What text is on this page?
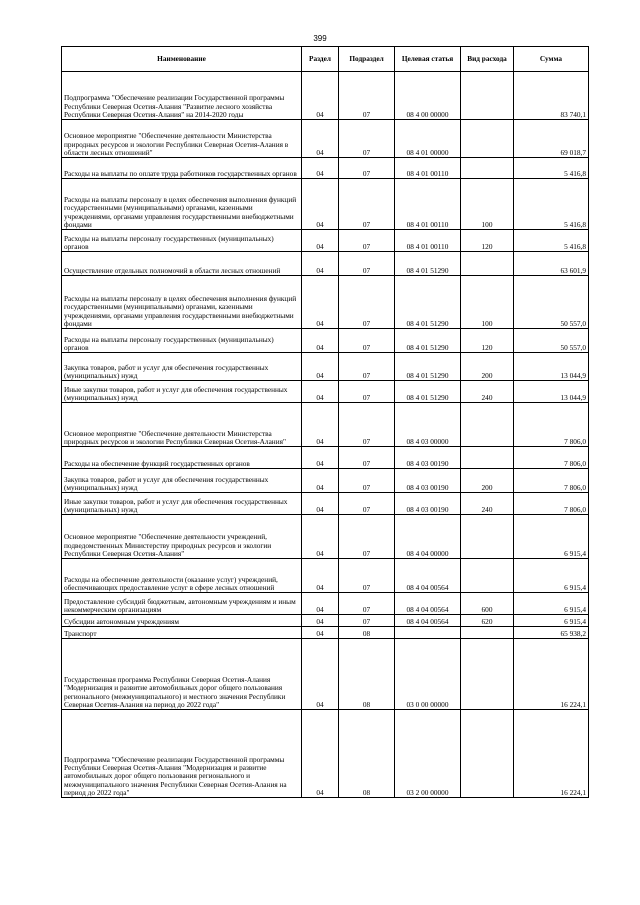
399
Наименование	Раздел	Подраздел	Целевая статья	Вид расхода	Сумма
Подпрограмма "Обеспечение реализации Государственной программы Республики Северная Осетия-Алания "Развитие лесного хозяйства Республики Северная Осетия-Алания" на 2014-2020 годы	04	07	08 4 00 00000		83 740,1
Основное мероприятие "Обеспечение деятельности Министерства природных ресурсов и экологии Республики Северная Осетия-Алания в области лесных отношений"	04	07	08 4 01 00000		69 018,7
Расходы на выплаты по оплате труда работников государственных органов	04	07	08 4 01 00110		5 416,8
Расходы на выплаты персоналу в целях обеспечения выполнения функций государственными (муниципальными) органами, казенными учреждениями, органами управления государственными внебюджетными фондами	04	07	08 4 01 00110	100	5 416,8
Расходы на выплаты персоналу государственных (муниципальных) органов	04	07	08 4 01 00110	120	5 416,8
Осуществление отдельных полномочий в области лесных отношений	04	07	08 4 01 51290		63 601,9
Расходы на выплаты персоналу в целях обеспечения выполнения функций государственными (муниципальными) органами, казенными учреждениями, органами управления государственными внебюджетными фондами	04	07	08 4 01 51290	100	50 557,0
Расходы на выплаты персоналу государственных (муниципальных) органов	04	07	08 4 01 51290	120	50 557,0
Закупка товаров, работ и услуг для обеспечения государственных (муниципальных) нужд	04	07	08 4 01 51290	200	13 044,9
Иные закупки товаров, работ и услуг для обеспечения государственных (муниципальных) нужд	04	07	08 4 01 51290	240	13 044,9
Основное мероприятие "Обеспечение деятельности Министерства природных ресурсов и экологии Республики Северная Осетия-Алания"	04	07	08 4 03 00000		7 806,0
Расходы на обеспечение функций государственных органов	04	07	08 4 03 00190		7 806,0
Закупка товаров, работ и услуг для обеспечения государственных (муниципальных) нужд	04	07	08 4 03 00190	200	7 806,0
Иные закупки товаров, работ и услуг для обеспечения государственных (муниципальных) нужд	04	07	08 4 03 00190	240	7 806,0
Основное мероприятие "Обеспечение деятельности учреждений, подведомственных Министерству природных ресурсов и экологии Республики Северная Осетия-Алания"	04	07	08 4 04 00000		6 915,4
Расходы на обеспечение деятельности (оказание услуг) учреждений, обеспечивающих предоставление услуг в сфере лесных отношений	04	07	08 4 04 00564		6 915,4
Предоставление субсидий бюджетным, автономным учреждениям и иным некоммерческим организациям	04	07	08 4 04 00564	600	6 915,4
Субсидии автономным учреждениям	04	07	08 4 04 00564	620	6 915,4
Транспорт	04	08			65 938,2
Государственная программа Республики Северная Осетия-Алания "Модернизация и развитие автомобильных дорог общего пользования регионального (межмуниципального) и местного значения Республики Северная Осетия-Алания на период до 2022 года"	04	08	03 0 00 00000		16 224,1
Подпрограмма "Обеспечение реализации Государственной программы Республики Северная Осетия-Алания "Модернизация и развитие автомобильных дорог общего пользования регионального и межмуниципального значения Республики Северная Осетия-Алания на период до 2022 года"	04	08	03 2 00 00000		16 224,1
